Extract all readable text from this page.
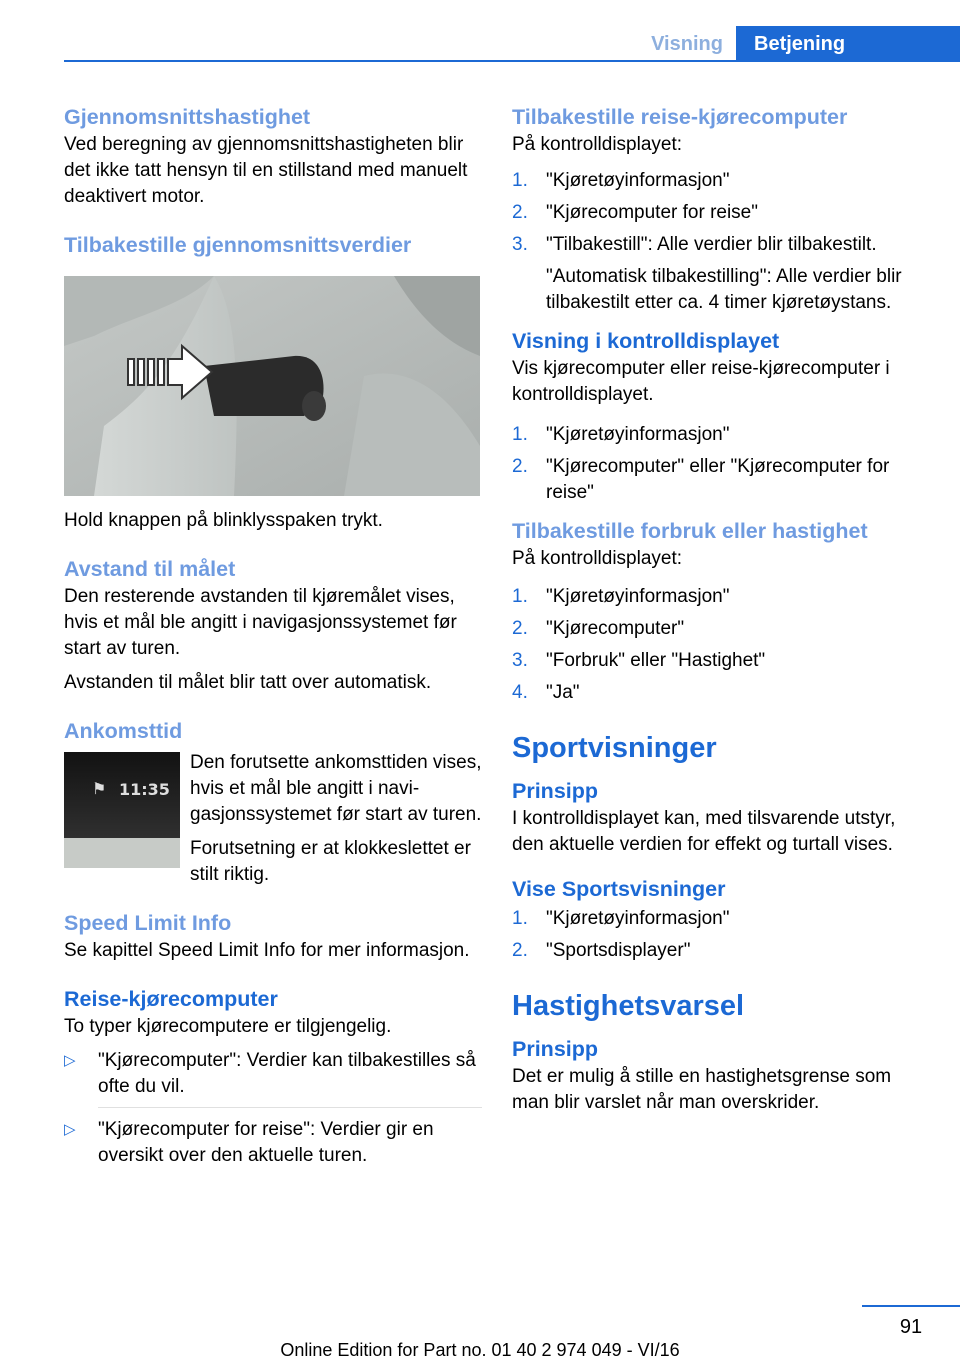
Visning	Betjening
Gjennomsnittshastighet

Ved beregning av gjennomsnittshastigheten blir det ikke tatt hensyn til en stillstand med manuelt deaktivert motor.

Tilbakestille gjennomsnittsverdier

Hold knappen på blinklysspaken trykt.

Avstand til målet

Den resterende avstanden til kjøremålet vises, hvis et mål ble angitt i navigasjonssystemet før start av turen.

Avstanden til målet blir tatt over automatisk.

Ankomsttid
⚑ 11:35

Den forutsette ankomsttiden vises, hvis et mål ble angitt i navigasjonssystemet før start av turen.

Forutsetning er at klokkeslettet er stilt riktig.

Speed Limit Info

Se kapittel Speed Limit Info for mer informasjon.

Reise-kjørecomputer

To typer kjørecomputere er tilgjengelig.

▷ "Kjørecomputer": Verdier kan tilbakestilles så ofte du vil.
▷ "Kjørecomputer for reise": Verdier gir en oversikt over den aktuelle turen.
Tilbakestille reise-kjørecomputer

På kontrolldisplayet:

1. "Kjøretøyinformasjon"
2. "Kjørecomputer for reise"
3. "Tilbakestill": Alle verdier blir tilbakestilt.
"Automatisk tilbakestilling": Alle verdier blir tilbakestilt etter ca. 4 timer kjøretøystans.
Visning i kontrolldisplayet

Vis kjørecomputer eller reise-kjørecomputer i kontrolldisplayet.

1. "Kjøretøyinformasjon"
2. "Kjørecomputer" eller "Kjørecomputer for reise"
Tilbakestille forbruk eller hastighet

På kontrolldisplayet:

1. "Kjøretøyinformasjon"
2. "Kjørecomputer"
3. "Forbruk" eller "Hastighet"
4. "Ja"
Sportvisninger
Prinsipp

I kontrolldisplayet kan, med tilsvarende utstyr, den aktuelle verdien for effekt og turtall vises.

Vise Sportsvisninger
1. "Kjøretøyinformasjon"
2. "Sportsdisplayer"
Hastighetsvarsel
Prinsipp

Det er mulig å stille en hastighetsgrense som man blir varslet når man overskrider.

91
Online Edition for Part no. 01 40 2 974 049 - VI/16
